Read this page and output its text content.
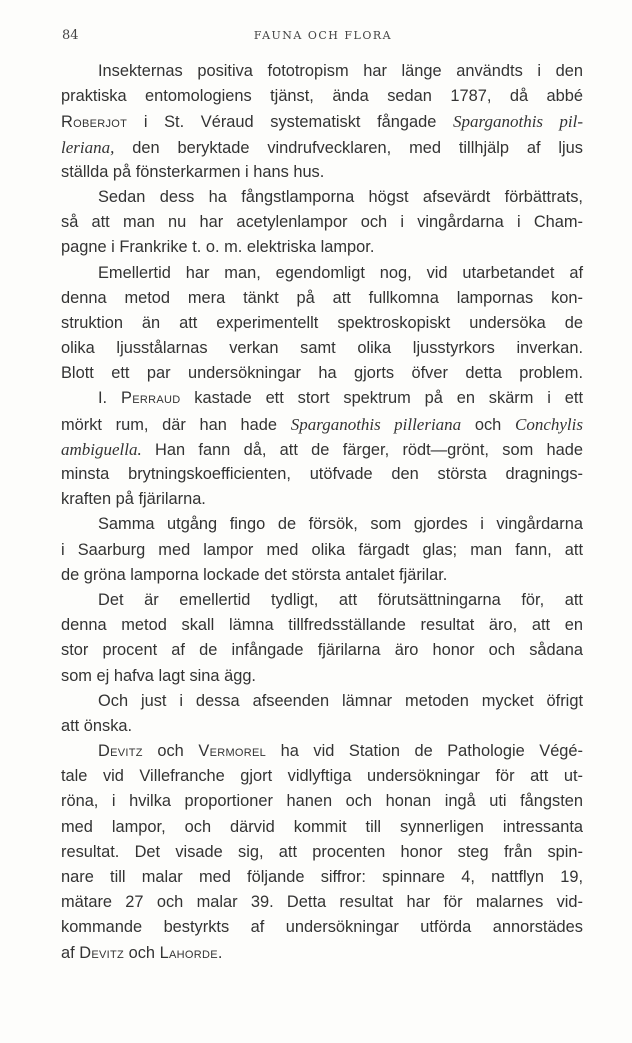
84	FAUNA OCH FLORA
Insekternas positiva fototropism har länge användts i den
praktiska entomologiens tjänst, ända sedan 1787, då abbé
Roberjot i St. Véraud systematiskt fångade Sparganothis pil-
leriana, den beryktade vindrufvecklaren, med tillhjälp af ljus
ställda på fönsterkarmen i hans hus.
Sedan dess ha fångstlamporna högst afsevärdt förbättrats,
så att man nu har acetylenlampor och i vingårdarna i Cham-
pagne i Frankrike t. o. m. elektriska lampor.
Emellertid har man, egendomligt nog, vid utarbetandet af
denna metod mera tänkt på att fullkomna lampornas kon-
struktion än att experimentellt spektroskopiskt undersöka de
olika ljusstålarnas verkan samt olika ljusstyrkors inverkan.
Blott ett par undersökningar ha gjorts öfver detta problem.
I. Perraud kastade ett stort spektrum på en skärm i ett
mörkt rum, där han hade Sparganothis pilleriana och Conchylis
ambiguella. Han fann då, att de färger, rödt—grönt, som hade
minsta brytningskoefficienten, utöfvade den största dragnings-
kraften på fjärilarna.
Samma utgång fingo de försök, som gjordes i vingårdarna
i Saarburg med lampor med olika färgadt glas; man fann, att
de gröna lamporna lockade det största antalet fjärilar.
Det är emellertid tydligt, att förutsättningarna för, att
denna metod skall lämna tillfredsställande resultat äro, att en
stor procent af de infångade fjärilarna äro honor och sådana
som ej hafva lagt sina ägg.
Och just i dessa afseenden lämnar metoden mycket öfrigt
att önska.
Devitz och Vermorel ha vid Station de Pathologie Végé-
tale vid Villefranche gjort vidlyftiga undersökningar för att ut-
röna, i hvilka proportioner hanen och honan ingå uti fångsten
med lampor, och därvid kommit till synnerligen intressanta
resultat. Det visade sig, att procenten honor steg från spin-
nare till malar med följande siffror: spinnare 4, nattflyn 19,
mätare 27 och malar 39. Detta resultat har för malarnes vid-
kommande bestyrkts af undersökningar utförda annorstädes
af Devitz och Lahorde.
